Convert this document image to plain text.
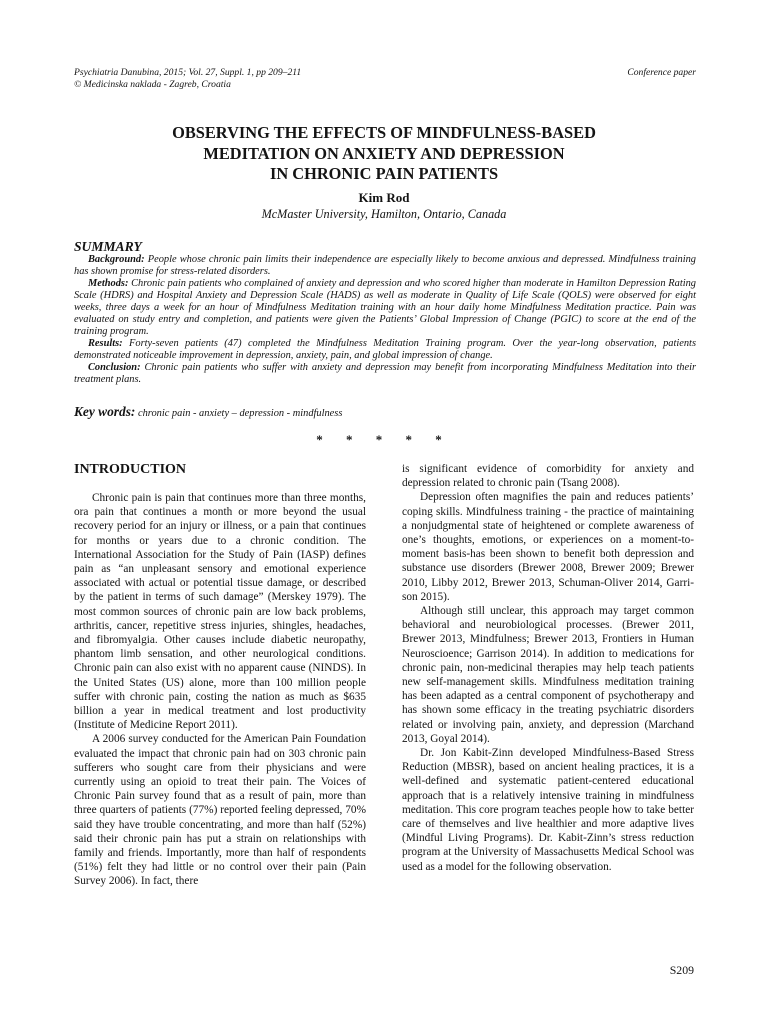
Psychiatria Danubina, 2015; Vol. 27, Suppl. 1, pp 209–211
© Medicinska naklada - Zagreb, Croatia
Conference paper
OBSERVING THE EFFECTS OF MINDFULNESS-BASED
MEDITATION ON ANXIETY AND DEPRESSION
IN CHRONIC PAIN PATIENTS
Kim Rod
McMaster University, Hamilton, Ontario, Canada
SUMMARY

Background: People whose chronic pain limits their independence are especially likely to become anxious and depressed. Mindfulness training has shown promise for stress-related disorders.

Methods: Chronic pain patients who complained of anxiety and depression and who scored higher than moderate in Hamilton Depression Rating Scale (HDRS) and Hospital Anxiety and Depression Scale (HADS) as well as moderate in Quality of Life Scale (QOLS) were observed for eight weeks, three days a week for an hour of Mindfulness Meditation training with an hour daily home Mindfulness Meditation practice. Pain was evaluated on study entry and completion, and patients were given the Patients’ Global Impression of Change (PGIC) to score at the end of the training program.

Results: Forty-seven patients (47) completed the Mindfulness Meditation Training program. Over the year-long observation, patients demonstrated noticeable improvement in depression, anxiety, pain, and global impression of change.

Conclusion: Chronic pain patients who suffer with anxiety and depression may benefit from incorporating Mindfulness Meditation into their treatment plans.

Key words: chronic pain - anxiety – depression - mindfulness
* * * * *
INTRODUCTION

Chronic pain is pain that continues more than three months, ora pain that continues a month or more beyond the usual recovery period for an injury or illness, or a pain that continues for months or years due to a chronic condition. The International Association for the Study of Pain (IASP) defines pain as “an unpleasant sensory and emotional experience associated with actual or potential tissue damage, or described by the patient in terms of such damage” (Merskey 1979). The most common sources of chronic pain are low back problems, arthritis, cancer, repetitive stress injuries, shingles, headaches, and fibromyalgia. Other causes include diabetic neuropathy, phantom limb sensation, and other neurological conditions. Chronic pain can also exist with no apparent cause (NINDS). In the United States (US) alone, more than 100 million people suffer with chronic pain, costing the nation as much as $635 billion a year in medical treatment and lost productivity (Institute of Medicine Report 2011).

A 2006 survey conducted for the American Pain Foundation evaluated the impact that chronic pain had on 303 chronic pain sufferers who sought care from their physicians and were currently using an opioid to treat their pain. The Voices of Chronic Pain survey found that as a result of pain, more than three quarters of patients (77%) reported feeling depressed, 70% said they have trouble concentrating, and more than half (52%) said their chronic pain has put a strain on relationships with family and friends. Importantly, more than half of respondents (51%) felt they had little or no control over their pain (Pain Survey 2006). In fact, there

is significant evidence of comorbidity for anxiety and depression related to chronic pain (Tsang 2008).

Depression often magnifies the pain and reduces patients’ coping skills. Mindfulness training - the practice of maintaining a nonjudgmental state of heightened or complete awareness of one’s thoughts, emotions, or experiences on a moment-to-moment basis-has been shown to benefit both depression and substance use disorders (Brewer 2008, Brewer 2009; Brewer 2010, Libby 2012, Brewer 2013, Schuman-Oliver 2014, Garrison 2015).

Although still unclear, this approach may target common behavioral and neurobiological processes. (Brewer 2011, Brewer 2013, Mindfulness; Brewer 2013, Frontiers in Human Neuroscioence; Garrison 2014). In addition to medications for chronic pain, non-medicinal therapies may help teach patients new self-management skills. Mindfulness meditation training has been adapted as a central component of psychotherapy and has shown some efficacy in the treating psychiatric disorders related or involving pain, anxiety, and depression (Marchand 2013, Goyal 2014).

Dr. Jon Kabit-Zinn developed Mindfulness-Based Stress Reduction (MBSR), based on ancient healing practices, it is a well-defined and systematic patient-centered educational approach that is a relatively intensive training in mindfulness meditation. This core program teaches people how to take better care of themselves and live healthier and more adaptive lives (Mindful Living Programs). Dr. Kabit-Zinn’s stress reduction program at the University of Massachusetts Medical School was used as a model for the following observation.

S209
